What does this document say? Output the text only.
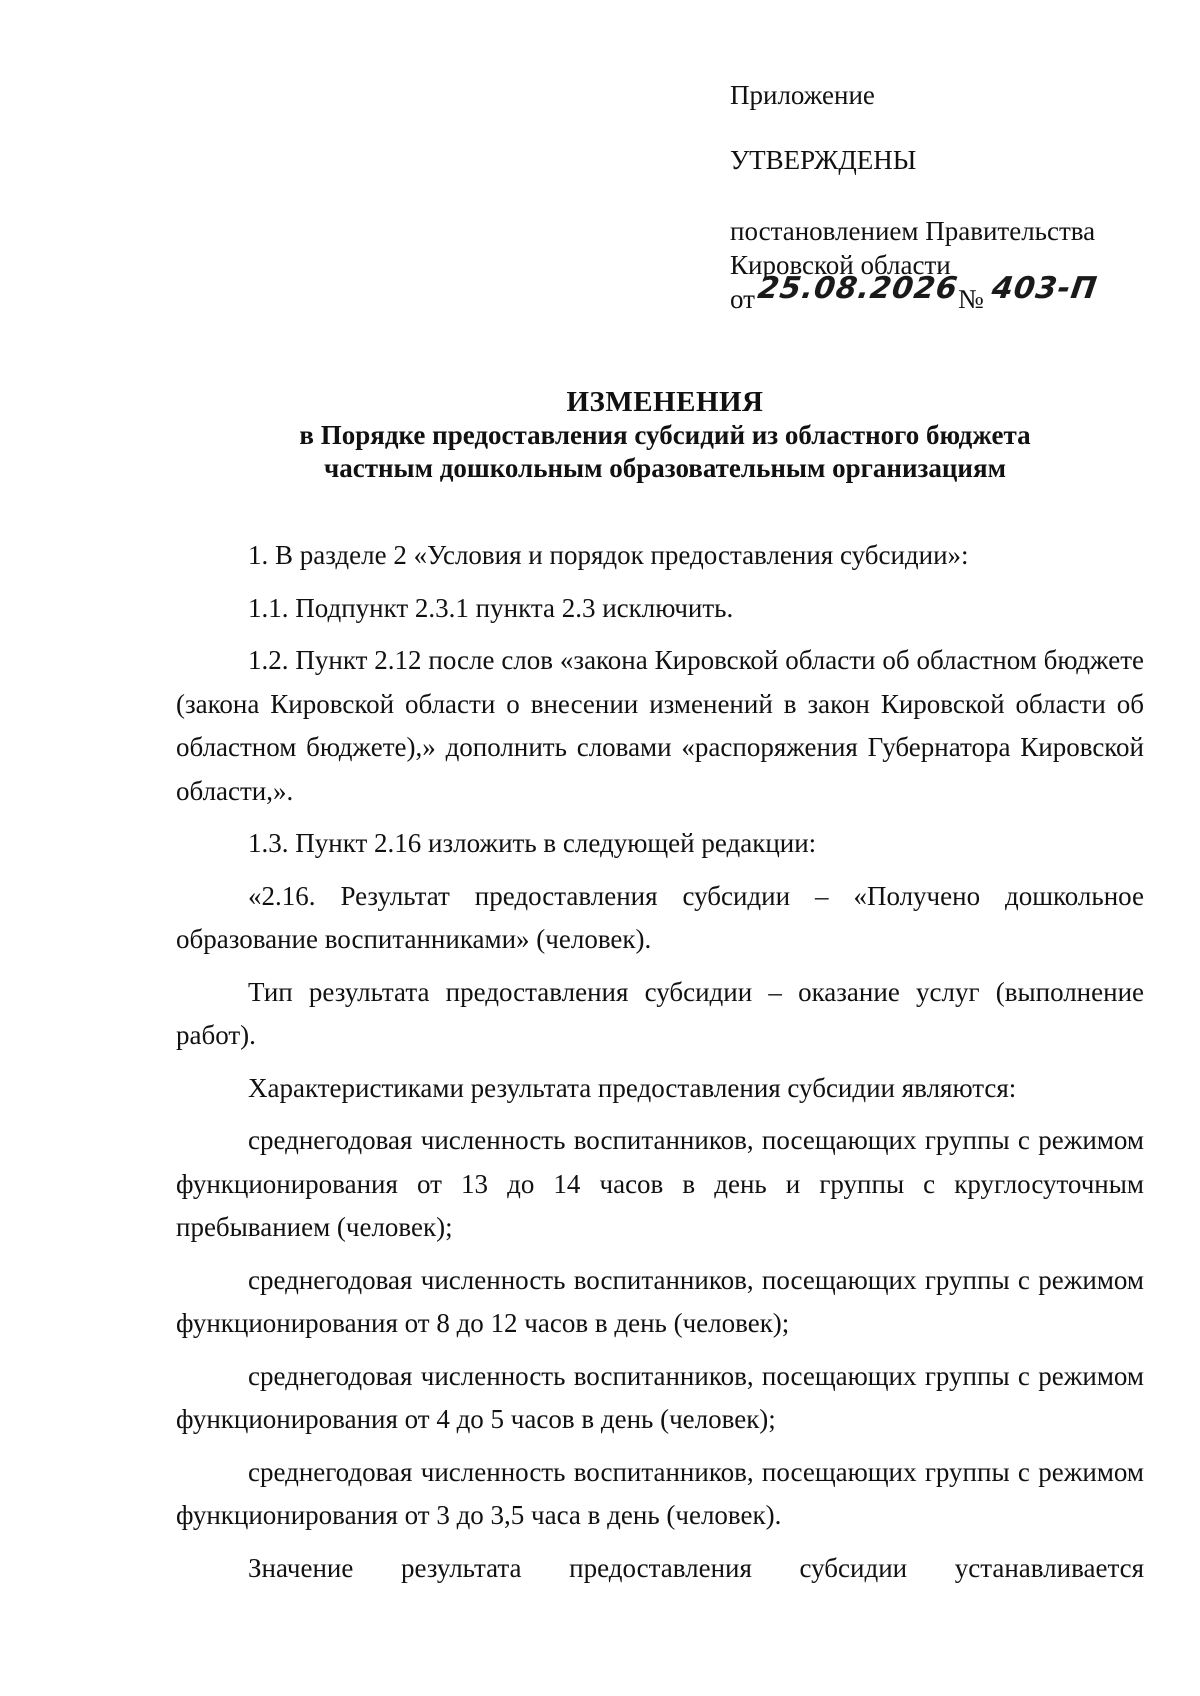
Приложение
УТВЕРЖДЕНЫ
постановлением Правительства
Кировской области
от 25.08.2026
№ 403-П
ИЗМЕНЕНИЯ
в Порядке предоставления субсидий из областного бюджета
частным дошкольным образовательным организациям

1. В разделе 2 «Условия и порядок предоставления субсидии»:

1.1. Подпункт 2.3.1 пункта 2.3 исключить.

1.2. Пункт 2.12 после слов «закона Кировской области об областном бюджете (закона Кировской области о внесении изменений в закон Кировской области об областном бюджете),» дополнить словами «распоряжения Губернатора Кировской области,».

1.3. Пункт 2.16 изложить в следующей редакции:

«2.16. Результат предоставления субсидии – «Получено дошкольное образование воспитанниками» (человек).

Тип результата предоставления субсидии – оказание услуг (выполнение работ).

Характеристиками результата предоставления субсидии являются:

среднегодовая численность воспитанников, посещающих группы с режимом функционирования от 13 до 14 часов в день и группы с круглосуточным пребыванием (человек);

среднегодовая численность воспитанников, посещающих группы с режимом функционирования от 8 до 12 часов в день (человек);

среднегодовая численность воспитанников, посещающих группы с режимом функционирования от 4 до 5 часов в день (человек);

среднегодовая численность воспитанников, посещающих группы с режимом функционирования от 3 до 3,5 часа в день (человек).

Значение результата предоставления субсидии устанавливается
